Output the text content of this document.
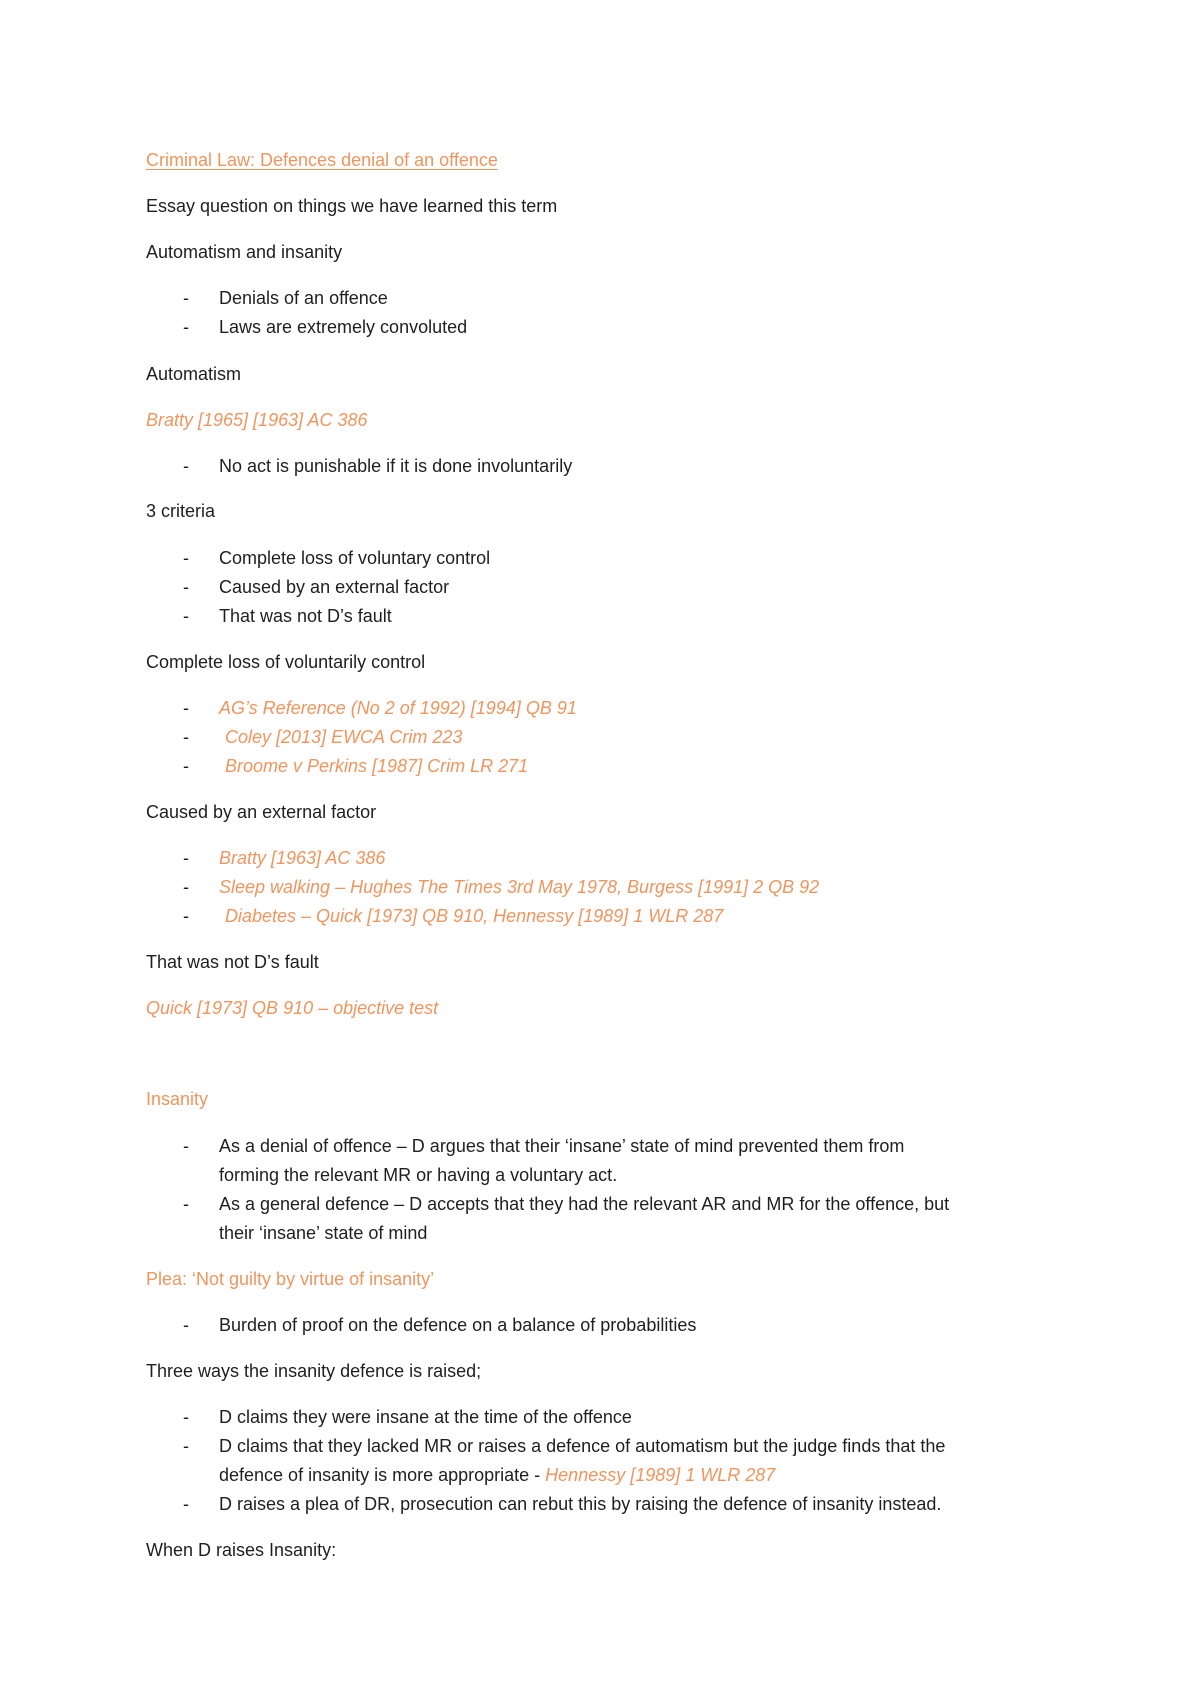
Criminal Law: Defences denial of an offence
Essay question on things we have learned this term
Automatism and insanity
- Denials of an offence
- Laws are extremely convoluted
Automatism
Bratty [1965] [1963] AC 386
- No act is punishable if it is done involuntarily
3 criteria
- Complete loss of voluntary control
- Caused by an external factor
- That was not D’s fault
Complete loss of voluntarily control
- AG’s Reference (No 2 of 1992) [1994] QB 91
- Coley [2013] EWCA Crim 223
- Broome v Perkins [1987] Crim LR 271
Caused by an external factor
- Bratty [1963] AC 386
- Sleep walking – Hughes The Times 3rd May 1978, Burgess [1991] 2 QB 92
- Diabetes – Quick [1973] QB 910, Hennessy [1989] 1 WLR 287
That was not D’s fault
Quick [1973] QB 910 – objective test
Insanity
- As a denial of offence – D argues that their ‘insane’ state of mind prevented them from
forming the relevant MR or having a voluntary act.
- As a general defence – D accepts that they had the relevant AR and MR for the offence, but
their ‘insane’ state of mind
Plea: ‘Not guilty by virtue of insanity’
- Burden of proof on the defence on a balance of probabilities
Three ways the insanity defence is raised;
- D claims they were insane at the time of the offence
- D claims that they lacked MR or raises a defence of automatism but the judge finds that the
defence of insanity is more appropriate - Hennessy [1989] 1 WLR 287
- D raises a plea of DR, prosecution can rebut this by raising the defence of insanity instead.
When D raises Insanity:
